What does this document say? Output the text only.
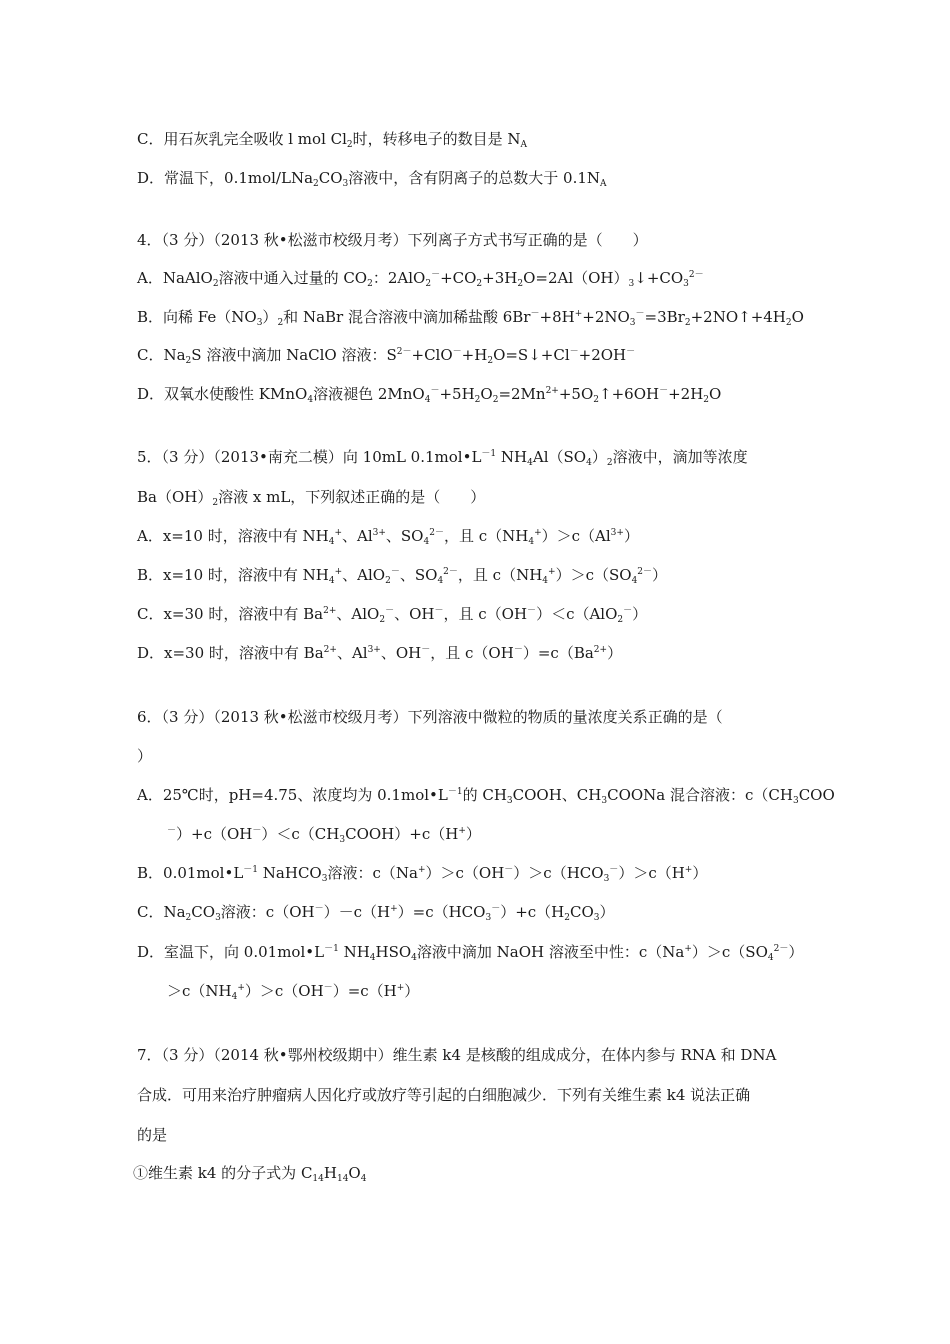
C．用石灰乳完全吸收 l mol $Cl_2$时，转移电子的数目是 $N_A$
D．常温下，$0.1mol/LNa_2CO_3$溶液中，含有阴离子的总数大于 $0.1N_A$
4．（3 分）（2013 秋•松滋市校级月考）下列离子方式书写正确的是（　　）
A．NaAlO$_2$溶液中通入过量的 $CO_2$：$2AlO_2^-+CO_2+3H_2O=2Al(OH)_3↓+CO_3^{2-}$
B．向稀 $Fe(NO_3)_2$和 NaBr 混合溶液中滴加稀盐酸 $6Br^-+8H^++2NO_3^-=3Br_2+2NO↑+4H_2O$
C．$Na_2S$ 溶液中滴加 NaClO 溶液：$S^{2-}+ClO^-+H_2O=S↓+Cl^-+2OH^-$
D．双氧水使酸性 KMnO$_4$溶液褪色 $2MnO_4^-+5H_2O_2=2Mn^{2+}+5O_2↑+6OH^-+2H_2O$
5．（3 分）（2013•南充二模）向 10mL $0.1mol•L^{-1}$ $NH_4Al(SO_4)_2$溶液中，滴加等浓度
$Ba(OH)_2$溶液 x mL，下列叙述正确的是（　　）
A．x=10 时，溶液中有 $NH_4^+$、$Al^{3+}$、$SO_4^{2-}$，且 $c(NH_4^+)>c(Al^{3+})$
B．x=10 时，溶液中有 $NH_4^+$、AlO$_2$－、$SO_4^{2-}$，且 $c(NH_4^+)>c(SO_4^{2-})$
C．x=30 时，溶液中有 $Ba^{2+}$、AlO$_2$－、OH－，且 c（OH－）＜c（AlO$_2$－）
D．x=30 时，溶液中有 $Ba^{2+}$、$Al^{3+}$、OH－，且 $c(OH^-)=c(Ba^{2+})$
6．（3 分）（2013 秋•松滋市校级月考）下列溶液中微粒的物质的量浓度关系正确的是（
）
A．25℃时，pH=4.75、浓度均为 $0.1mol•L^{-1}$的 $CH_3COOH$、$CH_3COONa$ 混合溶液：$c(CH_3COO$
$^-)+c(OH^-)<c(CH_3COOH)+c(H^+)$
B．$0.01mol•L^{-1}$ NaHCO$_3$溶液：$c(Na^+)>c(OH^-)>c(HCO_3^-)>c(H^+)$
C．$Na_2CO_3$溶液：$c(OH^-)-c(H^+)=c(HCO_3^-)+c(H_2CO_3)$
D．室温下，向 $0.01mol•L^{-1}$ $NH_4HSO_4$溶液中滴加 NaOH 溶液至中性：$c(Na^+)>c(SO_4^{2-})$
$>c(NH_4^+)>c(OH^-)=c(H^+)$
7．（3 分）（2014 秋•鄂州校级期中）维生素 k4 是核酸的组成成分，在体内参与 RNA 和 DNA
合成．可用来治疗肿瘤病人因化疗或放疗等引起的白细胞减少．下列有关维生素 k4 说法正确
的是
①维生素 k4 的分子式为 $C_{14}H_{14}O_4$
